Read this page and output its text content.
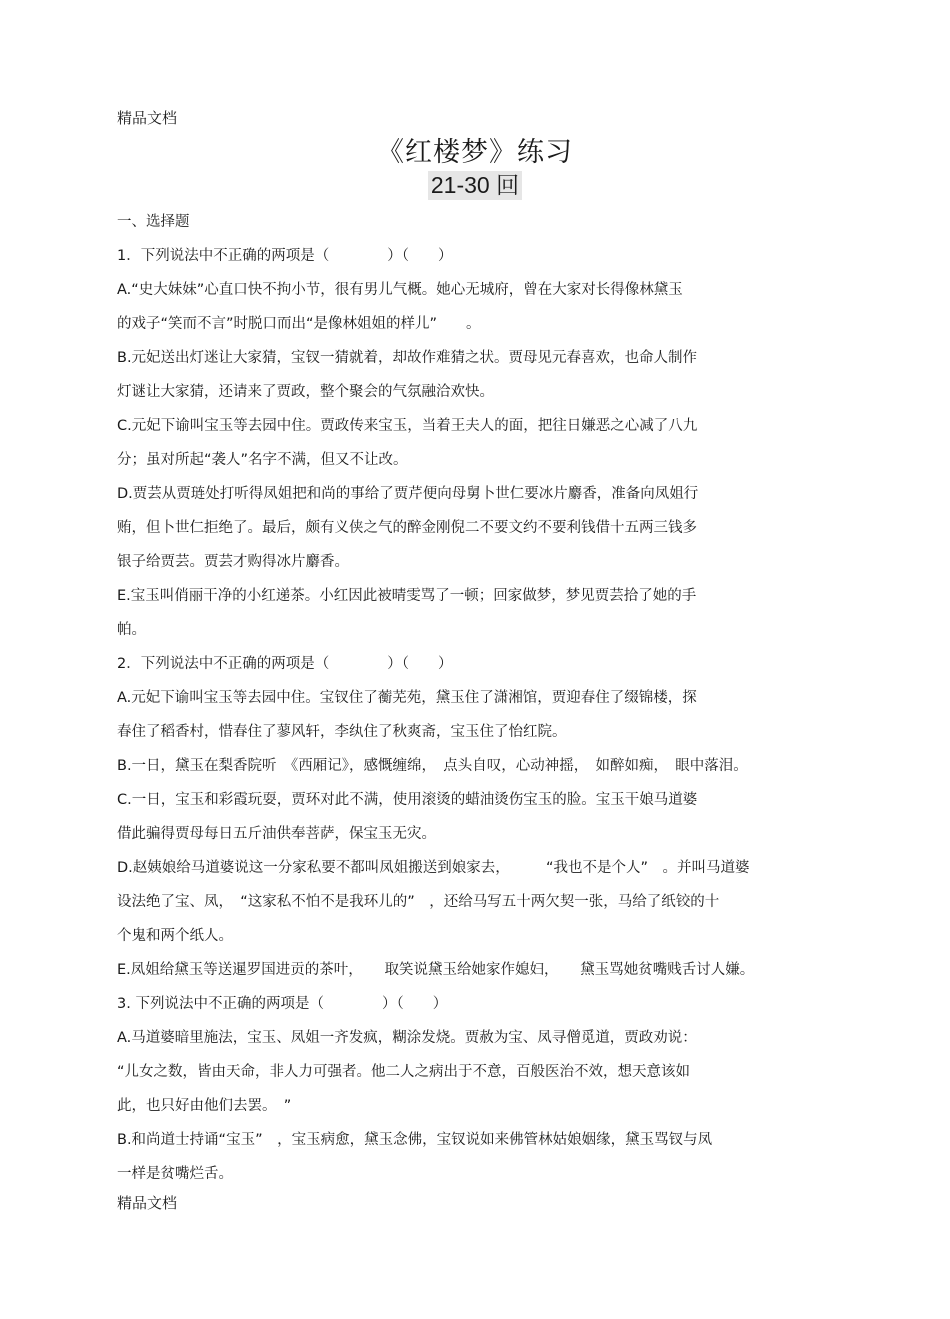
精品文档
《红楼梦》练习
21-30 回
一、选择题
1．下列说法中不正确的两项是（　　　　）（　　）
A.“史大妹妹”心直口快不拘小节，很有男儿气概。她心无城府，曾在大家对长得像林黛玉
的戏子“笑而不言”时脱口而出“是像林姐姐的样儿”　　。
B.元妃送出灯迷让大家猜，宝钗一猜就着，却故作难猜之状。贾母见元春喜欢，也命人制作
灯谜让大家猜，还请来了贾政，整个聚会的气氛融洽欢快。
C.元妃下谕叫宝玉等去园中住。贾政传来宝玉，当着王夫人的面，把往日嫌恶之心减了八九
分；虽对所起“袭人”名字不满，但又不让改。
D.贾芸从贾琏处打听得凤姐把和尚的事给了贾芹便向母舅卜世仁要冰片麝香，准备向凤姐行
贿，但卜世仁拒绝了。最后，颇有义侠之气的醉金刚倪二不要文约不要利钱借十五两三钱多
银子给贾芸。贾芸才购得冰片麝香。
E.宝玉叫俏丽干净的小红递茶。小红因此被晴雯骂了一顿；回家做梦，梦见贾芸拾了她的手
帕。
2．下列说法中不正确的两项是（　　　　）（　　）
A.元妃下谕叫宝玉等去园中住。宝钗住了蘅芜苑，黛玉住了潇湘馆，贾迎春住了缀锦楼，探
春住了稻香村，惜春住了蓼风轩，李纨住了秋爽斋，宝玉住了怡红院。
B.一日，黛玉在梨香院听　《西厢记》，感慨缠绵，　点头自叹，心动神摇，　如醉如痴，　眼中落泪。
C.一日，宝玉和彩霞玩耍，贾环对此不满，使用滚烫的蜡油烫伤宝玉的脸。宝玉干娘马道婆
借此骗得贾母每日五斤油供奉菩萨，保宝玉无灾。
D.赵姨娘给马道婆说这一分家私要不都叫凤姐搬送到娘家去，　　　“我也不是个人”　。并叫马道婆
设法绝了宝、凤，　“这家私不怕不是我环儿的”　，还给马写五十两欠契一张，马给了纸铰的十
个鬼和两个纸人。
E.凤姐给黛玉等送暹罗国进贡的茶叶，　　取笑说黛玉给她家作媳妇，　　黛玉骂她贫嘴贱舌讨人嫌。
3. 下列说法中不正确的两项是（　　　　）（　　）
A.马道婆暗里施法，宝玉、凤姐一齐发疯，糊涂发烧。贾赦为宝、凤寻僧觅道，贾政劝说：
“儿女之数，皆由天命，非人力可强者。他二人之病出于不意，百般医治不效，想天意该如
此，也只好由他们去罢。　”
B.和尚道士持诵“宝玉”　，宝玉病愈，黛玉念佛，宝钗说如来佛管林姑娘姻缘，黛玉骂钗与凤
一样是贫嘴烂舌。
精品文档
